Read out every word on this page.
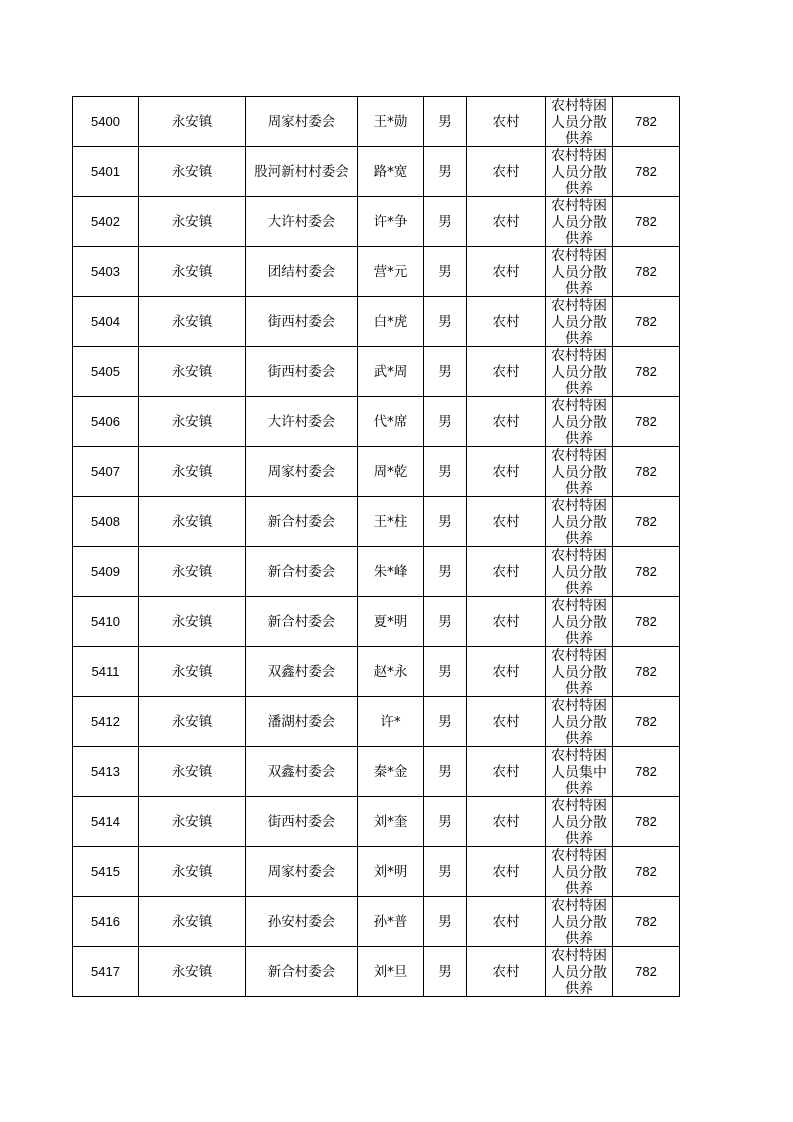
5400	永安镇	周家村委会	王*勋	男	农村	农村特困人员分散供养	782
5401	永安镇	股河新村村委会	路*宽	男	农村	农村特困人员分散供养	782
5402	永安镇	大许村委会	许*争	男	农村	农村特困人员分散供养	782
5403	永安镇	团结村委会	营*元	男	农村	农村特困人员分散供养	782
5404	永安镇	街西村委会	白*虎	男	农村	农村特困人员分散供养	782
5405	永安镇	街西村委会	武*周	男	农村	农村特困人员分散供养	782
5406	永安镇	大许村委会	代*席	男	农村	农村特困人员分散供养	782
5407	永安镇	周家村委会	周*乾	男	农村	农村特困人员分散供养	782
5408	永安镇	新合村委会	王*柱	男	农村	农村特困人员分散供养	782
5409	永安镇	新合村委会	朱*峰	男	农村	农村特困人员分散供养	782
5410	永安镇	新合村委会	夏*明	男	农村	农村特困人员分散供养	782
5411	永安镇	双鑫村委会	赵*永	男	农村	农村特困人员分散供养	782
5412	永安镇	潘湖村委会	许*	男	农村	农村特困人员分散供养	782
5413	永安镇	双鑫村委会	秦*金	男	农村	农村特困人员集中供养	782
5414	永安镇	街西村委会	刘*奎	男	农村	农村特困人员分散供养	782
5415	永安镇	周家村委会	刘*明	男	农村	农村特困人员分散供养	782
5416	永安镇	孙安村委会	孙*普	男	农村	农村特困人员分散供养	782
5417	永安镇	新合村委会	刘*旦	男	农村	农村特困人员分散供养	782
